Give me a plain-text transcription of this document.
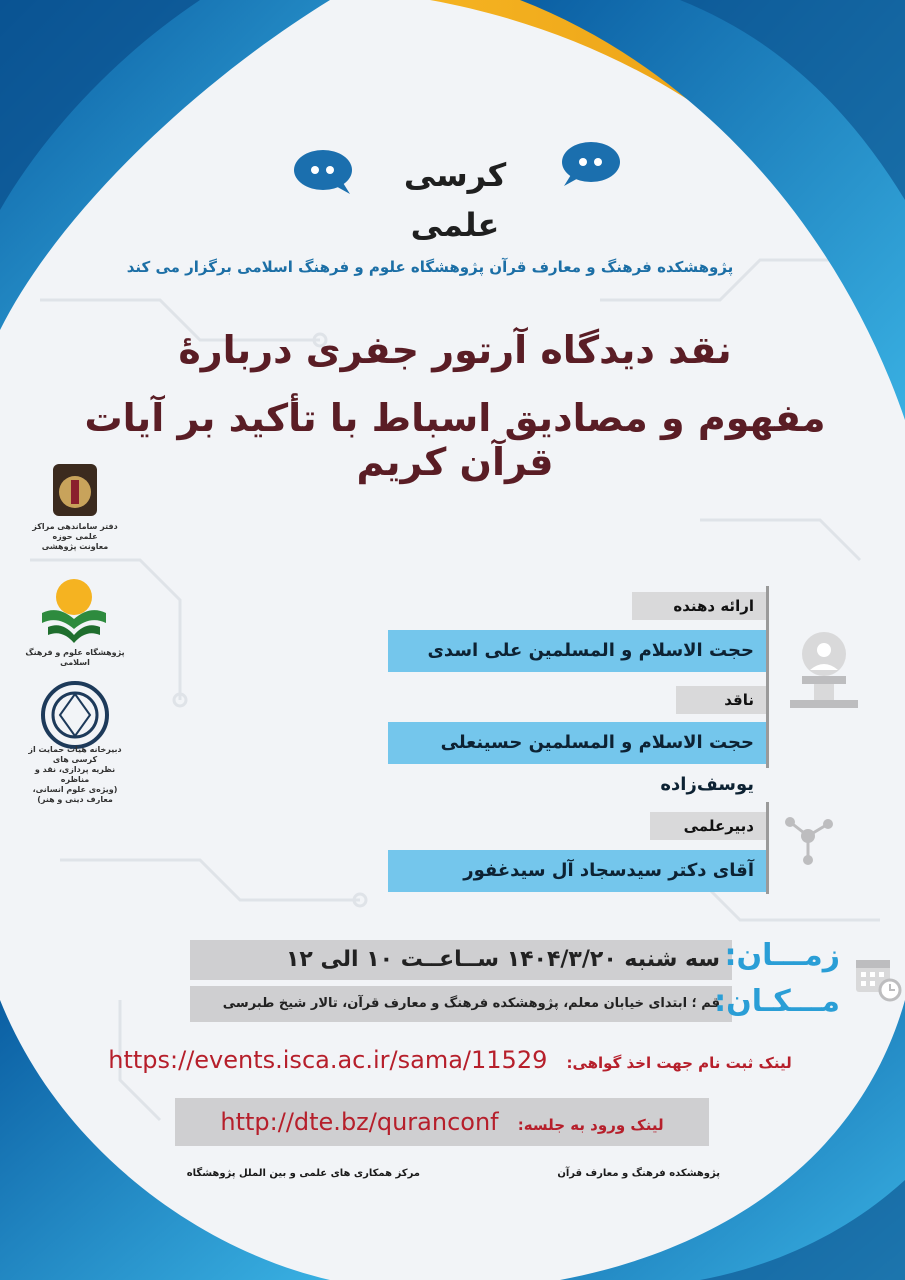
کرسی علمی
پژوهشکده فرهنگ و معارف قرآن پژوهشگاه علوم و فرهنگ اسلامی برگزار می کند
نقد دیدگاه آرتور جفری دربارهٔ
مفهوم و مصادیق اسباط با تأکید بر آیات قرآن کریم
دفتر ساماندهی مراکز علمی حوزه
معاونت پژوهشی
پژوهشگاه علوم و فرهنگ اسلامی
دبیرخانه هیات حمایت از کرسی های
نظریه پردازی، نقد و مناظره
(ویژه‌ی علوم انسانی، معارف دینی و هنر)
ارائه دهنده
حجت الاسلام و المسلمین علی اسدی
ناقد
حجت الاسلام و المسلمین حسینعلی یوسف‌زاده
دبیرعلمی
آقای دکتر سیدسجاد آل سیدغفور
سه شنبه ۱۴۰۴/۳/۲۰ ســاعــت ۱۰ الی ۱۲ زمـــان:
قم ؛ ابتدای خیابان معلم، پژوهشکده فرهنگ و معارف قرآن، تالار شیخ طبرسی
مـــکـان:
لینک ثبت نام جهت اخذ گواهی: https://events.isca.ac.ir/sama/11529
لینک ورود به جلسه: http://dte.bz/quranconf
پژوهشکده فرهنگ و معارف قرآن
مرکز همکاری های علمی و بین الملل پژوهشگاه
